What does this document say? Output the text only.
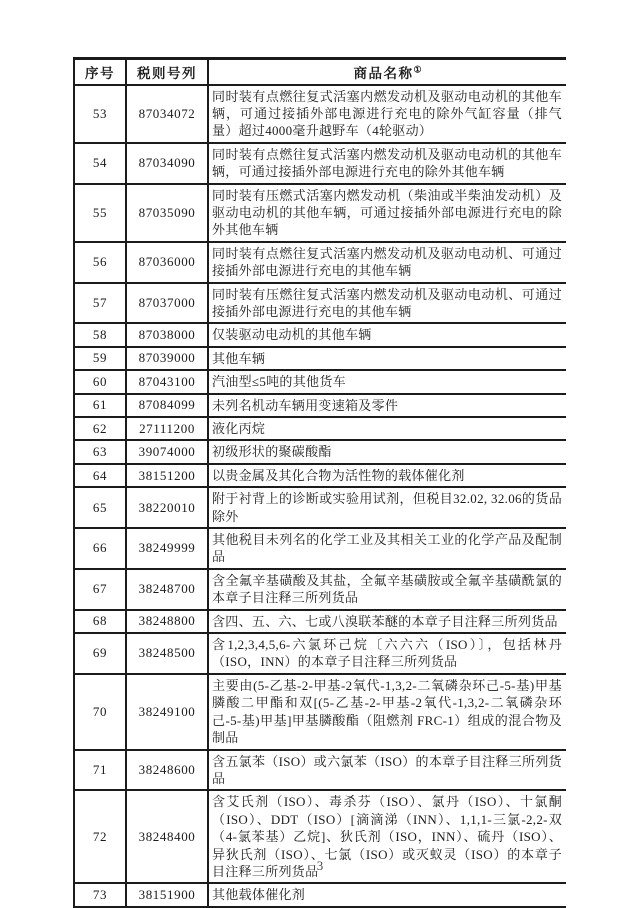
序号	税则号列	商品名称①
53	87034072	同时装有点燃往复式活塞内燃发动机及驱动电动机的其他车辆，可通过接插外部电源进行充电的除外气缸容量（排气量）超过4000毫升越野车（4轮驱动）
54	87034090	同时装有点燃往复式活塞内燃发动机及驱动电动机的其他车辆，可通过接插外部电源进行充电的除外其他车辆
55	87035090	同时装有压燃式活塞内燃发动机（柴油或半柴油发动机）及驱动电动机的其他车辆，可通过接插外部电源进行充电的除外其他车辆
56	87036000	同时装有点燃往复式活塞内燃发动机及驱动电动机、可通过接插外部电源进行充电的其他车辆
57	87037000	同时装有压燃往复式活塞内燃发动机及驱动电动机、可通过接插外部电源进行充电的其他车辆
58	87038000	仅装驱动电动机的其他车辆
59	87039000	其他车辆
60	87043100	汽油型≤5吨的其他货车
61	87084099	未列名机动车辆用变速箱及零件
62	27111200	液化丙烷
63	39074000	初级形状的聚碳酸酯
64	38151200	以贵金属及其化合物为活性物的载体催化剂
65	38220010	附于衬背上的诊断或实验用试剂，但税目32.02, 32.06的货品除外
66	38249999	其他税目未列名的化学工业及其相关工业的化学产品及配制品
67	38248700	含全氟辛基磺酸及其盐，全氟辛基磺胺或全氟辛基磺酰氯的本章子目注释三所列货品
68	38248800	含四、五、六、七或八溴联苯醚的本章子目注释三所列货品
69	38248500	含1,2,3,4,5,6-六氯环己烷〔六六六（ISO）〕，包括林丹（ISO，INN）的本章子目注释三所列货品
70	38249100	主要由(5-乙基-2-甲基-2氧代-1,3,2-二氧磷杂环己-5-基)甲基膦酸二甲酯和双[(5-乙基-2-甲基-2氧代-1,3,2-二氧磷杂环己-5-基)甲基]甲基膦酸酯（阻燃剂 FRC-1）组成的混合物及制品
71	38248600	含五氯苯（ISO）或六氯苯（ISO）的本章子目注释三所列货品
72	38248400	含艾氏剂（ISO）、毒杀芬（ISO）、氯丹（ISO）、十氯酮（ISO）、DDT（ISO）[滴滴涕（INN）、1,1,1-三氯-2,2-双（4-氯苯基）乙烷]、狄氏剂（ISO，INN）、硫丹（ISO）、异狄氏剂（ISO）、七氯（ISO）或灭蚁灵（ISO）的本章子目注释三所列货品
73	38151900	其他载体催化剂
3
